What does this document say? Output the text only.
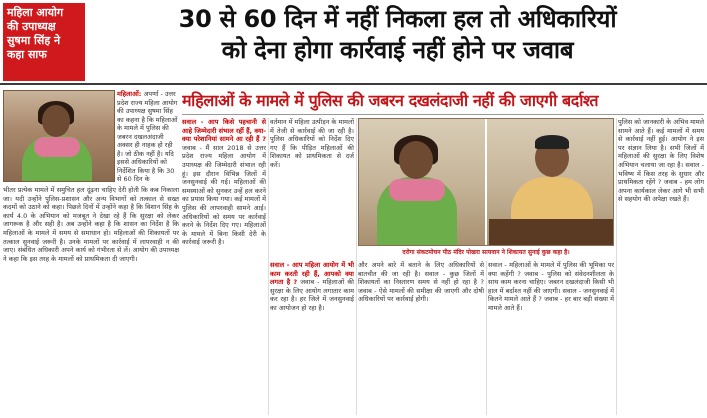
महिला आयोग
की उपाध्यक्ष
सुषमा सिंह ने
कहा साफ
30 से 60 दिन में नहीं निकला हल तो अधिकारियों
को देना होगा कार्रवाई नहीं होने पर जवाब
महिलाओं: अपर्णा - उत्तर प्रदेश राज्य महिला आयोग की उपाध्यक्ष सुषमा सिंह का कहना है कि महिलाओं के मामले में पुलिस की जबरन दखलअंदाजी अक्सर ही नाहक हो रही है। जो ठीक नहीं है। यदि इससे अधिकारियों को निर्देशित किया है कि 30 से 60 दिन के
भीतर प्रत्येक मामले में समुचित हल दूंढ़ना चाहिए देरी होती कि कब निकाला जा। यदी उन्होंने पुलिस-प्रशासन और अन्य विभागों को तत्काल से सख्त कदमों को उठाने को कहा। पिछले दिनों में उन्होंने कहा है कि विशान सिंह के कार्य 4.0 के अभियान को मजबूत ने देखा रहे हैं कि सुरक्षा को लेकर जागरूक है और सही है। अब उन्होंने कहा है कि शासन का निर्देश है कि महिलाओं के मामले में समय से समाधान हो। महिलाओं की शिकायतों पर तत्काल सुनवाई जरूरी है। उनके मामलों पर कार्रवाई में लापरवाही न की जाए। संबंधित अधिकारी अपने कार्य को गंभीरता से लें। आयोग की उपाध्यक्ष ने कहा कि इस तरह के मामलों को प्राथमिकता दी जाएगी।
महिलाओं के मामले में पुलिस की जबरन दखलंदाजी नहीं की जाएगी बर्दाश्त
सवाल - आप किसे पहचानी से आहे जिम्मेदारी संभाल रहीं हैं, क्या-क्या परेशानियां सामने आ रही हैं ? जवाब - मैं साल 2018 से उत्तर प्रदेश राज्य महिला आयोग में उपाध्यक्ष की जिम्मेदारी संभाल रही हूं। इस दौरान विभिन्न जिलों में जनसुनवाई की गई। महिलाओं की समस्याओं को सुनकर उन्हें हल करने का प्रयास किया गया। कई मामलों में पुलिस की लापरवाही सामने आई। अधिकारियों को समय पर कार्रवाई करने के निर्देश दिए गए। महिलाओं के मामले में बिना किसी देरी के कार्रवाई जरूरी है।
वर्तमान में महिला उत्पीड़न के मामलों में तेजी से कार्रवाई की जा रही है। पुलिस अधिकारियों को निर्देश दिए गए हैं कि पीड़ित महिलाओं की शिकायत को प्राथमिकता से दर्ज करें।
दरोगा संकटमोचन पीठ मंदिर पोखरा सत्यवान ने शिकायत सुनाई कुछ कहा है।
सवाल - आप महिला आयोग में भी काम करती रही हैं, आपको क्या लगता है ? जवाब - महिलाओं की सुरक्षा के लिए आयोग लगातार काम कर रहा है। हर जिले में जनसुनवाई का आयोजन हो रहा है।
और अपने बारे में बताने के लिए अधिकारियों से बातचीत की जा रही है। सवाल - कुछ जिलों में शिकायतों का निस्तारण समय से नहीं हो रहा है ? जवाब - ऐसे मामलों की समीक्षा की जाएगी और दोषी अधिकारियों पर कार्रवाई होगी।
सवाल - महिलाओं के मामले में पुलिस की भूमिका पर क्या कहेंगी ? जवाब - पुलिस को संवेदनशीलता के साथ काम करना चाहिए। जबरन दखलंदाजी किसी भी हाल में बर्दाश्त नहीं की जाएगी। सवाल - जनसुनवाई में कितने मामले आते हैं ? जवाब - हर बार बड़ी संख्या में मामले आते हैं।
पुलिस को जानकारी के अभिव मामले सामने आते हैं। कई मामलों में समय से कार्रवाई नहीं हुई। आयोग ने इस पर संज्ञान लिया है। सभी जिलों में महिलाओं की सुरक्षा के लिए विशेष अभियान चलाया जा रहा है। सवाल - भविष्य में किस तरह के सुधार और प्राथमिकता रहेंगे ? जवाब - हम लोग अपना कार्यकाल लेकर आगे भी सभी से सहयोग की अपेक्षा रखते हैं।
